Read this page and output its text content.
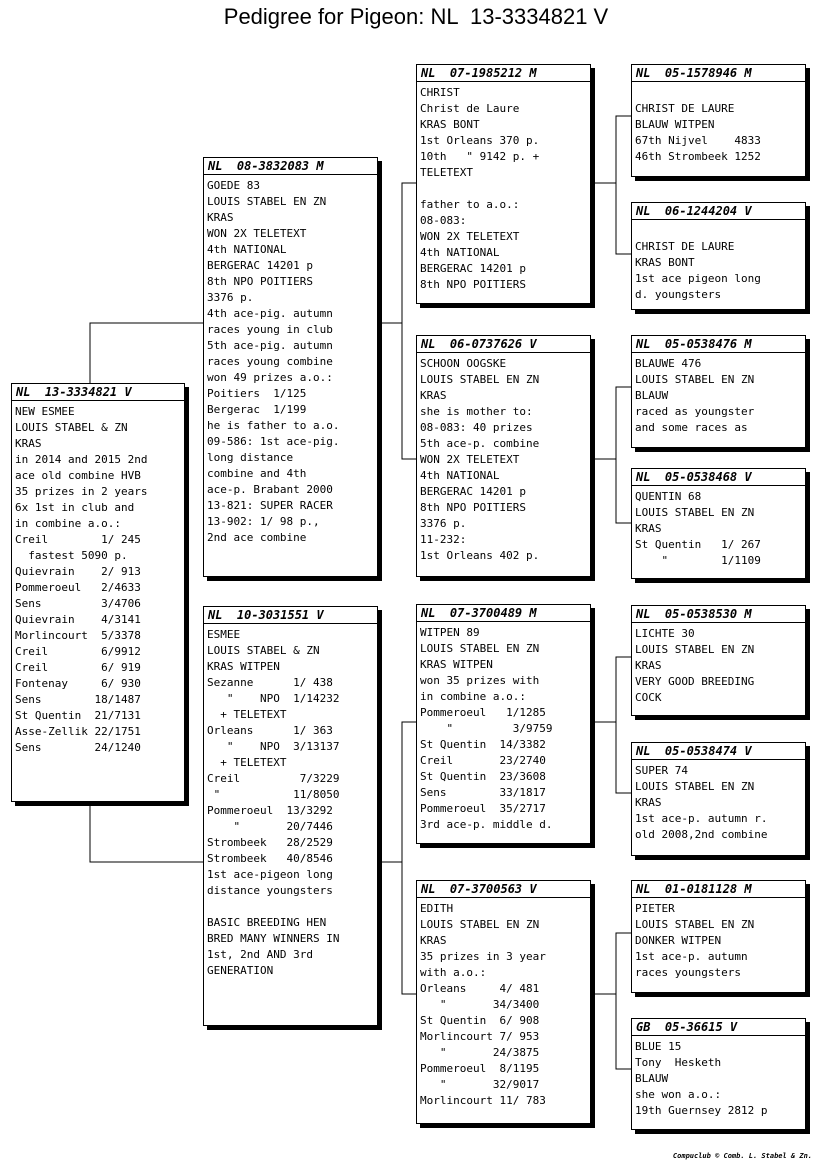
Pedigree for Pigeon: NL  13-3334821 V
NL  13-3334821 V
NEW ESMEE
LOUIS STABEL & ZN
KRAS
in 2014 and 2015 2nd
ace old combine HVB
35 prizes in 2 years
6x 1st in club and
in combine a.o.:
Creil        1/ 245
fastest 5090 p.
Quievrain    2/ 913
Pommeroeul   2/4633
Sens         3/4706
Quievrain    4/3141
Morlincourt  5/3378
Creil        6/9912
Creil        6/ 919
Fontenay     6/ 930
Sens        18/1487
St Quentin  21/7131
Asse-Zellik 22/1751
Sens        24/1240
NL  08-3832083 M
GOEDE 83
LOUIS STABEL EN ZN
KRAS
WON 2X TELETEXT
4th NATIONAL
BERGERAC 14201 p
8th NPO POITIERS
3376 p.
4th ace-pig. autumn
races young in club
5th ace-pig. autumn
races young combine
won 49 prizes a.o.:
Poitiers  1/125
Bergerac  1/199
he is father to a.o.
09-586: 1st ace-pig.
long distance
combine and 4th
ace-p. Brabant 2000
13-821: SUPER RACER
13-902: 1/ 98 p.,
2nd ace combine
NL  10-3031551 V
ESMEE
LOUIS STABEL & ZN
KRAS WITPEN
Sezanne      1/ 438
"    NPO  1/14232
+ TELETEXT
Orleans      1/ 363
"    NPO  3/13137
+ TELETEXT
Creil         7/3229
"           11/8050
Pommeroeul  13/3292
"       20/7446
Strombeek   28/2529
Strombeek   40/8546
1st ace-pigeon long
distance youngsters
BASIC BREEDING HEN
BRED MANY WINNERS IN
1st, 2nd AND 3rd
GENERATION
NL  07-1985212 M
CHRIST
Christ de Laure
KRAS BONT
1st Orleans 370 p.
10th   " 9142 p. +
TELETEXT
father to a.o.:
08-083:
WON 2X TELETEXT
4th NATIONAL
BERGERAC 14201 p
8th NPO POITIERS
NL  06-0737626 V
SCHOON OOGSKE
LOUIS STABEL EN ZN
KRAS
she is mother to:
08-083: 40 prizes
5th ace-p. combine
WON 2X TELETEXT
4th NATIONAL
BERGERAC 14201 p
8th NPO POITIERS
3376 p.
11-232:
1st Orleans 402 p.
NL  07-3700489 M
WITPEN 89
LOUIS STABEL EN ZN
KRAS WITPEN
won 35 prizes with
in combine a.o.:
Pommeroeul   1/1285
"         3/9759
St Quentin  14/3382
Creil       23/2740
St Quentin  23/3608
Sens        33/1817
Pommeroeul  35/2717
3rd ace-p. middle d.
NL  07-3700563 V
EDITH
LOUIS STABEL EN ZN
KRAS
35 prizes in 3 year
with a.o.:
Orleans     4/ 481
"       34/3400
St Quentin  6/ 908
Morlincourt 7/ 953
"       24/3875
Pommeroeul  8/1195
"       32/9017
Morlincourt 11/ 783
NL  05-1578946 M
CHRIST DE LAURE
BLAUW WITPEN
67th Nijvel    4833
46th Strombeek 1252
NL  06-1244204 V
CHRIST DE LAURE
KRAS BONT
1st ace pigeon long
d. youngsters
NL  05-0538476 M
BLAUWE 476
LOUIS STABEL EN ZN
BLAUW
raced as youngster
and some races as
NL  05-0538468 V
QUENTIN 68
LOUIS STABEL EN ZN
KRAS
St Quentin   1/ 267
"        1/1109
NL  05-0538530 M
LICHTE 30
LOUIS STABEL EN ZN
KRAS
VERY GOOD BREEDING
COCK
NL  05-0538474 V
SUPER 74
LOUIS STABEL EN ZN
KRAS
1st ace-p. autumn r.
old 2008,2nd combine
NL  01-0181128 M
PIETER
LOUIS STABEL EN ZN
DONKER WITPEN
1st ace-p. autumn
races youngsters
GB  05-36615 V
BLUE 15
Tony  Hesketh
BLAUW
she won a.o.:
19th Guernsey 2812 p
Compuclub © Comb. L. Stabel & Zn.
